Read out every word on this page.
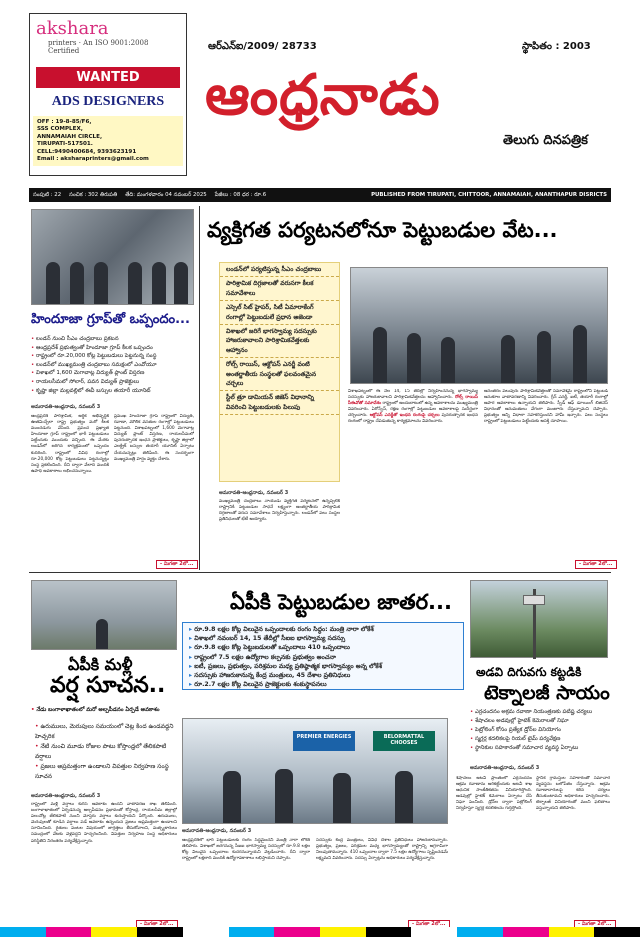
akshara
printers · An ISO 9001:2008 Certified
WANTED
ADS DESIGNERS
OFF : 19-8-85/F6,
SSS COMPLEX,
ANNAMAIAH CIRCLE,
TIRUPATI-517501.
CELL:9490400684, 9393623191
Email : aksharaprinters@gmail.com
ఆర్‌ఎన్‌ఐ/2009/ 28733	స్థాపితం : 2003
ఆంధ్రనాడు
తెలుగు దినపత్రిక
సంపుటి : 22 సంచిక : 302 తిరుపతి తేది: మంగళవారం 04 నవంబర్ 2025 పేజీలు : 08 ధర : రూ.6	PUBLISHED FROM TIRUPATI, CHITTOOR, ANNAMAIAH, ANANTHAPUR DISRICTS
హిందూజా గ్రూప్‌తో ఒప్పందం...
• లండన్ నుంచి సీఎం చంద్రబాబు ప్రకటన
• ఆంధ్రప్రదేశ్ ప్రభుత్వంతో హిందూజా గ్రూప్ కీలక ఒప్పందం
• రాష్ట్రంలో రూ.20,000 కోట్ల పెట్టుబడులు పెట్టనున్న సంస్థ
• లండన్‌లో ముఖ్యమంత్రి చంద్రబాబు సమక్షంలో ఎంవోయూ
• విశాఖలో 1,600 మెగావాట్ల విద్యుత్ ప్లాంట్ విస్తరణ
• రాయలసీమలో సోలార్, పవన విద్యుత్ ప్రాజెక్టులు
• కృష్ణా జిల్లా మల్లవల్లిలో ఈవీ బస్సుల తయారీ యూనిట్
అమరావతి-ఆంధ్రనాడు, నవంబర్ 3
ఆంధ్రప్రదేశ్ పారిశ్రామిక, ఆర్థిక అభివృద్ధికి ఊతమిచ్చేలా రాష్ట్ర ప్రభుత్వం మరో కీలక ముందడుగు వేసింది. ప్రపంచ ప్రఖ్యాత హిందూజా గ్రూప్ రాష్ట్రంలో భారీ పెట్టుబడులు పెట్టేందుకు ముందుకు వచ్చింది. ఈ మేరకు లండన్‌లో జరిగిన కార్యక్రమంలో ఒప్పందం కుదిరింది. రాష్ట్రంలో వివిధ రంగాల్లో రూ.20,000 కోట్ల పెట్టుబడులు పెట్టనున్నట్లు సంస్థ ప్రకటించింది. దీని ద్వారా వేలాది మందికి ఉపాధి అవకాశాలు లభించనున్నాయి.
ప్రముఖ హిందూజా గ్రూప్ రాష్ట్రంలో విద్యుత్, రవాణా, మౌలిక వసతుల రంగాల్లో పెట్టుబడులు పెట్టనుంది. విశాఖపట్నంలో 1,600 మెగావాట్ల విద్యుత్ ప్లాంట్ విస్తరణ, రాయలసీమలో పునరుత్పాదక ఇంధన ప్రాజెక్టులు, కృష్ణా జిల్లాలో ఎలక్ట్రిక్ బస్సుల తయారీ యూనిట్ ఏర్పాటు చేయనున్నట్లు తెలిపింది. ఈ సందర్భంగా ముఖ్యమంత్రి హర్షం వ్యక్తం చేశారు.
వ్యక్తిగత పర్యటనలోనూ పెట్టుబడుల వేట...
లండన్‌లో పర్యటిస్తున్న సీఎం చంద్రబాబు
పారిశ్రామిక దిగ్గజాలతో వరుసగా కీలక సమావేశాలు
ఎస్సెల్ సిట్ హైపర్, సిటీ ఏమారాకేంగ్ రంగాల్లో పెట్టుబడులే ప్రధాన అజెండా
విశాఖలో జరిగే భాగస్వామ్య సదస్సుకు హాజరుకావాలని పారిశ్రామికవేత్తలకు ఆహ్వానం
రోల్స్ రాయిస్, ఆక్టోపస్ ఎనర్జీ వంటి అంతర్జాతీయ సంస్థలతో ఫలవంతమైన చర్చలు
స్టీల్ త్రూ డామియన్ జిజెస్‌‌‌‌ విధానాన్ని వివరించి పెట్టుబడులకు పిలుపు
అమరావతి-ఆంధ్రనాడు, నవంబర్ 3
ముఖ్యమంత్రి చంద్రబాబు నాయుడు వ్యక్తిగత పర్యటనలో ఉన్నప్పటికీ రాష్ట్రానికి పెట్టుబడుల సాధనే లక్ష్యంగా అంతర్జాతీయ పారిశ్రామిక దిగ్గజాలతో వరుస సమావేశాలు నిర్వహిస్తున్నారు. లండన్‌లో పలు సంస్థల ప్రతినిధులతో భేటీ అయ్యారు.
విశాఖపట్నంలో ఈ నెల 14, 15 తేదీల్లో నిర్వహించనున్న భాగస్వామ్య సదస్సుకు హాజరుకావాలని పారిశ్రామికవేత్తలను ఆహ్వానించారు. రోల్స్ రాయిస్ సీఈవోతో సమావేశం రాష్ట్రంలో అందుబాటులో ఉన్న అవకాశాలను ముఖ్యమంత్రి వివరించారు. ఏరోస్పేస్, రక్షణ రంగాల్లో పెట్టుబడుల అవకాశాలపై సుదీర్ఘంగా చర్చించారు. ఆక్టోపస్ ఎనర్జీతో ఇంధన రంగంపై చర్చలు పునరుత్పాదక ఇంధన రంగంలో రాష్ట్రం చేపడుతున్న కార్యక్రమాలను వివరించారు.
అనంతరం పలువురు పారిశ్రామికవేత్తలతో సమావేశమై రాష్ట్రంలోని పెట్టుబడి అనుకూల వాతావరణాన్ని వివరించారు. గ్రీన్ ఎనర్జీ, ఐటీ, తయారీ రంగాల్లో అపార అవకాశాలు ఉన్నాయని తెలిపారు. స్పీడ్ ఆఫ్ డూయింగ్ బిజినెస్ విధానంతో అనుమతులు వేగంగా మంజూరు చేస్తున్నామని చెప్పారు. ప్రభుత్వం అన్ని విధాలా సహకరిస్తుందని హామీ ఇచ్చారు. పలు సంస్థలు రాష్ట్రంలో పెట్టుబడులు పెట్టేందుకు ఆసక్తి చూపాయి.
- మిగతా 2లో...
- మిగతా 2లో...
ఏపీకి మళ్లీ
వర్ష సూచన..
• నేడు బంగాళాఖాతంలో మరో అల్పపీడనం ఏర్పడే అవకాశం
• ఉరుములు, మెరుపులు సమయంలో చెట్ల కింద ఉండవద్దని హెచ్చరిక
• నేటి నుంచి మూడు రోజుల పాటు కోస్తాంధ్రలో తేలికపాటి వర్షాలు
• ప్రజలు అప్రమత్తంగా ఉండాలని విపత్తుల నిర్వహణ సంస్థ సూచన
అమరావతి-ఆంధ్రనాడు, నవంబర్ 3
రాష్ట్రంలో మళ్లీ వర్షాలు కురిసే అవకాశం ఉందని వాతావరణ శాఖ తెలిపింది. బంగాళాఖాతంలో ఏర్పడనున్న అల్పపీడనం ప్రభావంతో కోస్తాంధ్ర, రాయలసీమ జిల్లాల్లో పలుచోట్ల తేలికపాటి నుంచి మోస్తరు వర్షాలు కురుస్తాయని పేర్కొంది. ఉరుములు, మెరుపులతో కూడిన వర్షాలు పడే అవకాశం ఉన్నందున ప్రజలు అప్రమత్తంగా ఉండాలని సూచించింది. రైతులు పంటల విషయంలో జాగ్రత్తలు తీసుకోవాలని, మత్స్యకారులు సముద్రంలో వేటకు వెళ్లవద్దని హెచ్చరించింది. విపత్తుల నిర్వహణ సంస్థ అధికారులు పరిస్థితిని నిరంతరం పర్యవేక్షిస్తున్నారు.
- మిగతా 2లో...
ఏపీకి పెట్టుబడుల జాతర...
▸ రూ.9.8 లక్షల కోట్ల విలువైన ఒప్పందాలకు రంగం సిద్ధం: మంత్రి నారా లోకేశ్
▸ విశాఖలో నవంబర్ 14, 15 తేదీల్లో సీఐఐ భాగస్వామ్య సదస్సు
▸ రూ.9.8 లక్షల కోట్ల పెట్టుబడులతో ఒప్పందాలు 410 ఒప్పందాలు
▸ రాష్ట్రంలో 7.5 లక్షల ఉద్యోగాల కల్పనకు ప్రభుత్వం అంచనా
▸ ఐటీ, ప్రజలు, ప్రభుత్వం, పరిశ్రమల మధ్య ప్రతిష్ఠాత్మక భాగస్వామ్యం అన్న లోకేశ్
▸ సదస్సుకు హాజరుకానున్న కేంద్ర మంత్రులు, 45 దేశాల ప్రతినిధులు
▸ రూ.2.7 లక్షల కోట్ల విలువైన ప్రాజెక్టులకు శంకుస్థాపనలు
PREMIER ENERGIES	BELORMATTAL CHOOSES
అమరావతి-ఆంధ్రనాడు, నవంబర్ 3
ఆంధ్రప్రదేశ్‌లో భారీ పెట్టుబడులకు రంగం సిద్ధమైందని మంత్రి నారా లోకేశ్ తెలిపారు. విశాఖలో జరగనున్న సీఐఐ భాగస్వామ్య సదస్సులో రూ.9.8 లక్షల కోట్ల విలువైన ఒప్పందాలు కుదరనున్నాయని వెల్లడించారు. దీని ద్వారా రాష్ట్రంలో లక్షలాది మందికి ఉద్యోగావకాశాలు లభిస్తాయని చెప్పారు.
సదస్సుకు కేంద్ర మంత్రులు, వివిధ దేశాల ప్రతినిధులు హాజరుకానున్నారు. ప్రభుత్వం, ప్రజలు, పరిశ్రమల మధ్య భాగస్వామ్యంతో రాష్ట్రాన్ని అగ్రగామిగా నిలుపుతామన్నారు. 410 ఒప్పందాల ద్వారా 7.5 లక్షల ఉద్యోగాలు సృష్టించడమే లక్ష్యమని వివరించారు. సదస్సు ఏర్పాట్లను అధికారులు పర్యవేక్షిస్తున్నారు.
- మిగతా 2లో...
అడవి దిగువగు కట్టడికి
టెక్నాలజీ సాయం
• ఎర్రచందనం అక్రమ రవాణా నియంత్రణకు పటిష్ట చర్యలు
• శేషాచలం అడవుల్లో హైటెక్ కెమెరాలతో నిఘా
• పెట్రోలింగ్ కోసం ప్రత్యేక డ్రోన్‌ల వినియోగం
• స్మగ్లర్ల కదలికలపై రియల్ టైమ్ పర్యవేక్షణ
• స్థానికుల సహకారంతో సమాచార వ్యవస్థ ఏర్పాటు
అమరావతి-ఆంధ్రనాడు, నవంబర్ 3
శేషాచలం అటవీ ప్రాంతంలో ఎర్రచందనం అక్రమ రవాణాను అరికట్టేందుకు అటవీ శాఖ ఆధునిక సాంకేతికతను వినియోగిస్తోంది. అడవుల్లో హైటెక్ కెమెరాలు ఏర్పాటు చేసి నిఘా పెంచింది. డ్రోన్‌ల ద్వారా పెట్రోలింగ్ నిర్వహిస్తూ స్మగ్లర్ల కదలికలను గుర్తిస్తోంది.
స్థానిక గ్రామస్తుల సహకారంతో సమాచార వ్యవస్థను బలోపేతం చేస్తున్నారు. అక్రమ రవాణాదారులపై కఠిన చర్యలు తీసుకుంటామని అధికారులు హెచ్చరించారు. టెక్నాలజీ వినియోగంతో మంచి ఫలితాలు వస్తున్నాయని తెలిపారు.
- మిగతా 2లో...
